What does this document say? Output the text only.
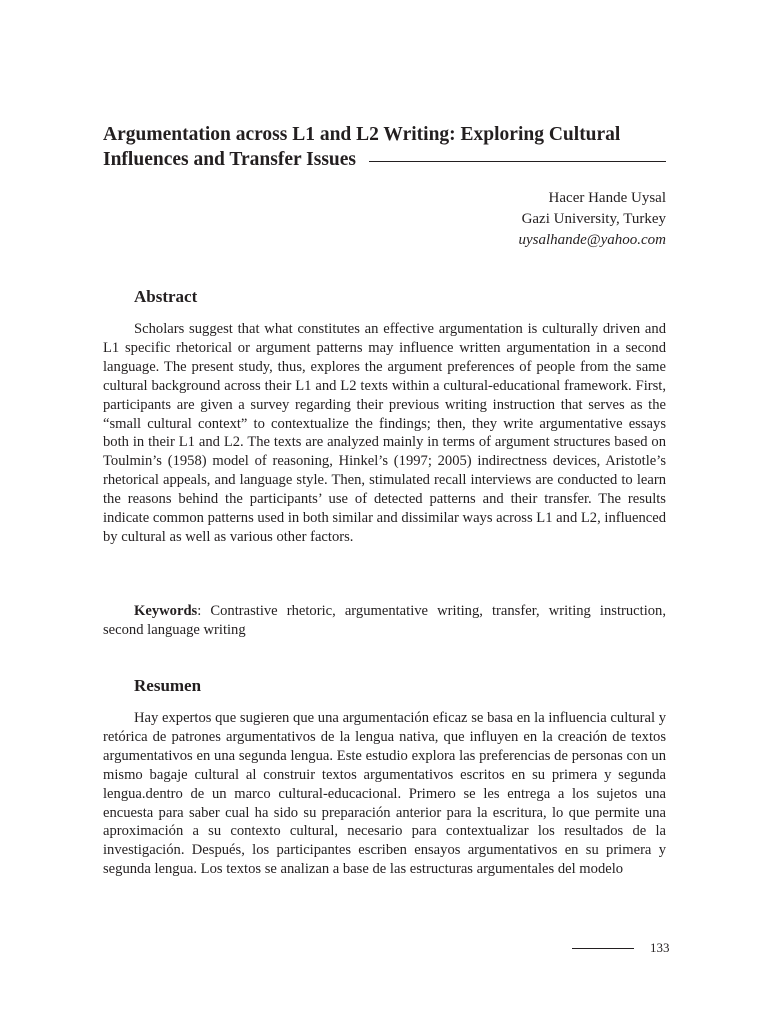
Argumentation across L1 and L2 Writing: Exploring Cultural
Influences and Transfer Issues
Hacer Hande Uysal
Gazi University, Turkey
uysalhande@yahoo.com
Abstract

Scholars suggest that what constitutes an effective argumentation is culturally driven and L1 specific rhetorical or argument patterns may influence written argumentation in a second language. The present study, thus, explores the argument preferences of people from the same cultural background across their L1 and L2 texts within a cultural-educational framework. First, participants are given a survey regarding their previous writing instruction that serves as the “small cultural context” to contextualize the findings; then, they write argumentative essays both in their L1 and L2. The texts are analyzed mainly in terms of argument structures based on Toulmin’s (1958) model of reasoning, Hinkel’s (1997; 2005) indirectness devices, Aristotle’s rhetorical appeals, and language style. Then, stimulated recall interviews are conducted to learn the reasons behind the participants’ use of detected patterns and their transfer. The results indicate common patterns used in both similar and dissimilar ways across L1 and L2, influenced by cultural as well as various other factors.

Keywords: Contrastive rhetoric, argumentative writing, transfer, writing instruction, second language writing

Resumen

Hay expertos que sugieren que una argumentación eficaz se basa en la influencia cultural y retórica de patrones argumentativos de la lengua nativa, que influyen en la creación de textos argumentativos en una segunda lengua. Este estudio explora las preferencias de personas con un mismo bagaje cultural al construir textos argumentativos escritos en su primera y segunda lengua.dentro de un marco cultural-educacional. Primero se les entrega a los sujetos una encuesta para saber cual ha sido su preparación anterior para la escritura, lo que permite una aproximación a su contexto cultural, necesario para contextualizar los resultados de la investigación. Después, los participantes escriben ensayos argumentativos en su primera y segunda lengua. Los textos se analizan a base de las estructuras argumentales del modelo

133
